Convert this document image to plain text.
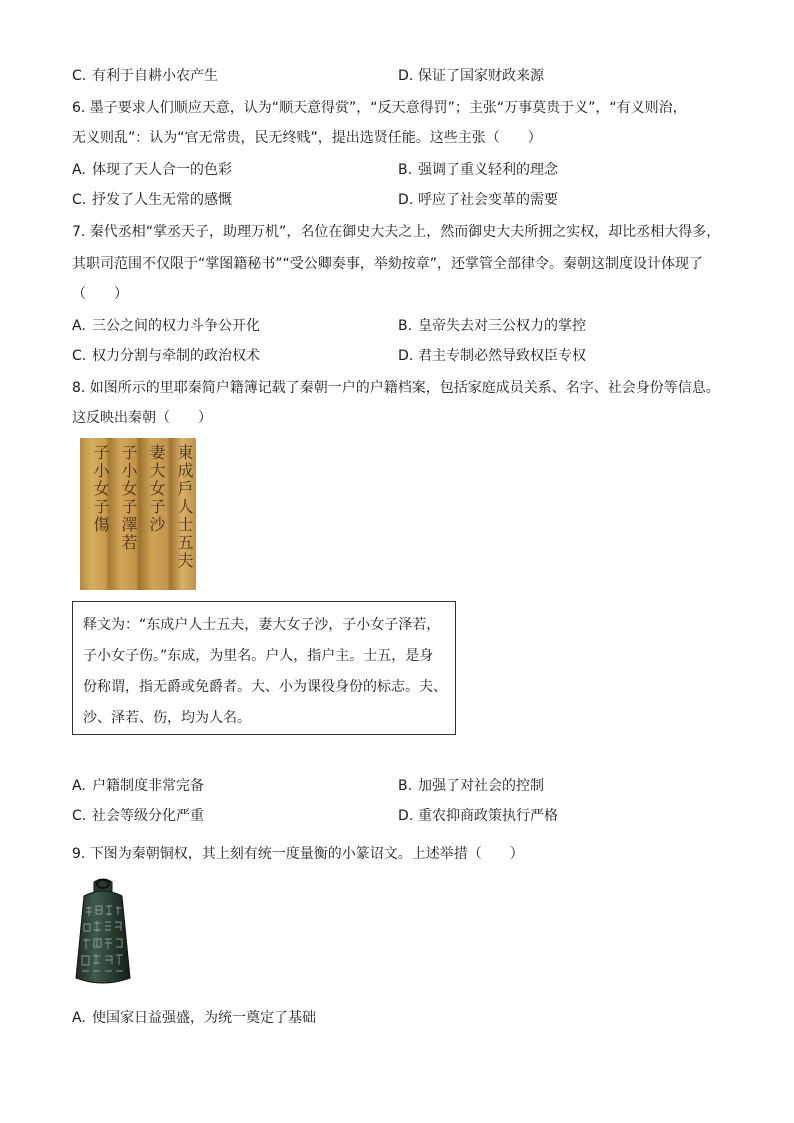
C. 有利于自耕小农产生	D. 保证了国家财政来源
6. 墨子要求人们顺应天意，认为“顺天意得赏”，“反天意得罚”；主张“万事莫贵于义”，“有义则治，
无义则乱”：认为“官无常贵，民无终贱”，提出选贤任能。这些主张（　　）
A. 体现了天人合一的色彩	B. 强调了重义轻利的理念
C. 抒发了人生无常的感慨	D. 呼应了社会变革的需要
7. 秦代丞相“掌丞天子，助理万机”，名位在御史大夫之上，然而御史大夫所拥之实权，却比丞相大得多，
其职司范围不仅限于“掌图籍秘书”“受公卿奏事，举劾按章”，还掌管全部律令。秦朝这制度设计体现了
（　　）
A. 三公之间的权力斗争公开化	B. 皇帝失去对三公权力的掌控
C. 权力分割与牵制的政治权术	D. 君主专制必然导致权臣专权
8. 如图所示的里耶秦简户籍簿记载了秦朝一户的户籍档案，包括家庭成员关系、名字、社会身份等信息。
这反映出秦朝（　　）
東成戶人士五夫
妻大女子沙
子小女子澤若
子小女子傷
释文为：“东成户人士五夫，妻大女子沙，子小女子泽若，
子小女子伤。”东成，为里名。户人，指户主。士五，是身
份称谓，指无爵或免爵者。大、小为课役身份的标志。夫、
沙、泽若、伤，均为人名。
A. 户籍制度非常完备	B. 加强了对社会的控制
C. 社会等级分化严重	D. 重农抑商政策执行严格
9. 下图为秦朝铜权，其上刻有统一度量衡的小篆诏文。上述举措（　　）
A. 使国家日益强盛，为统一奠定了基础
